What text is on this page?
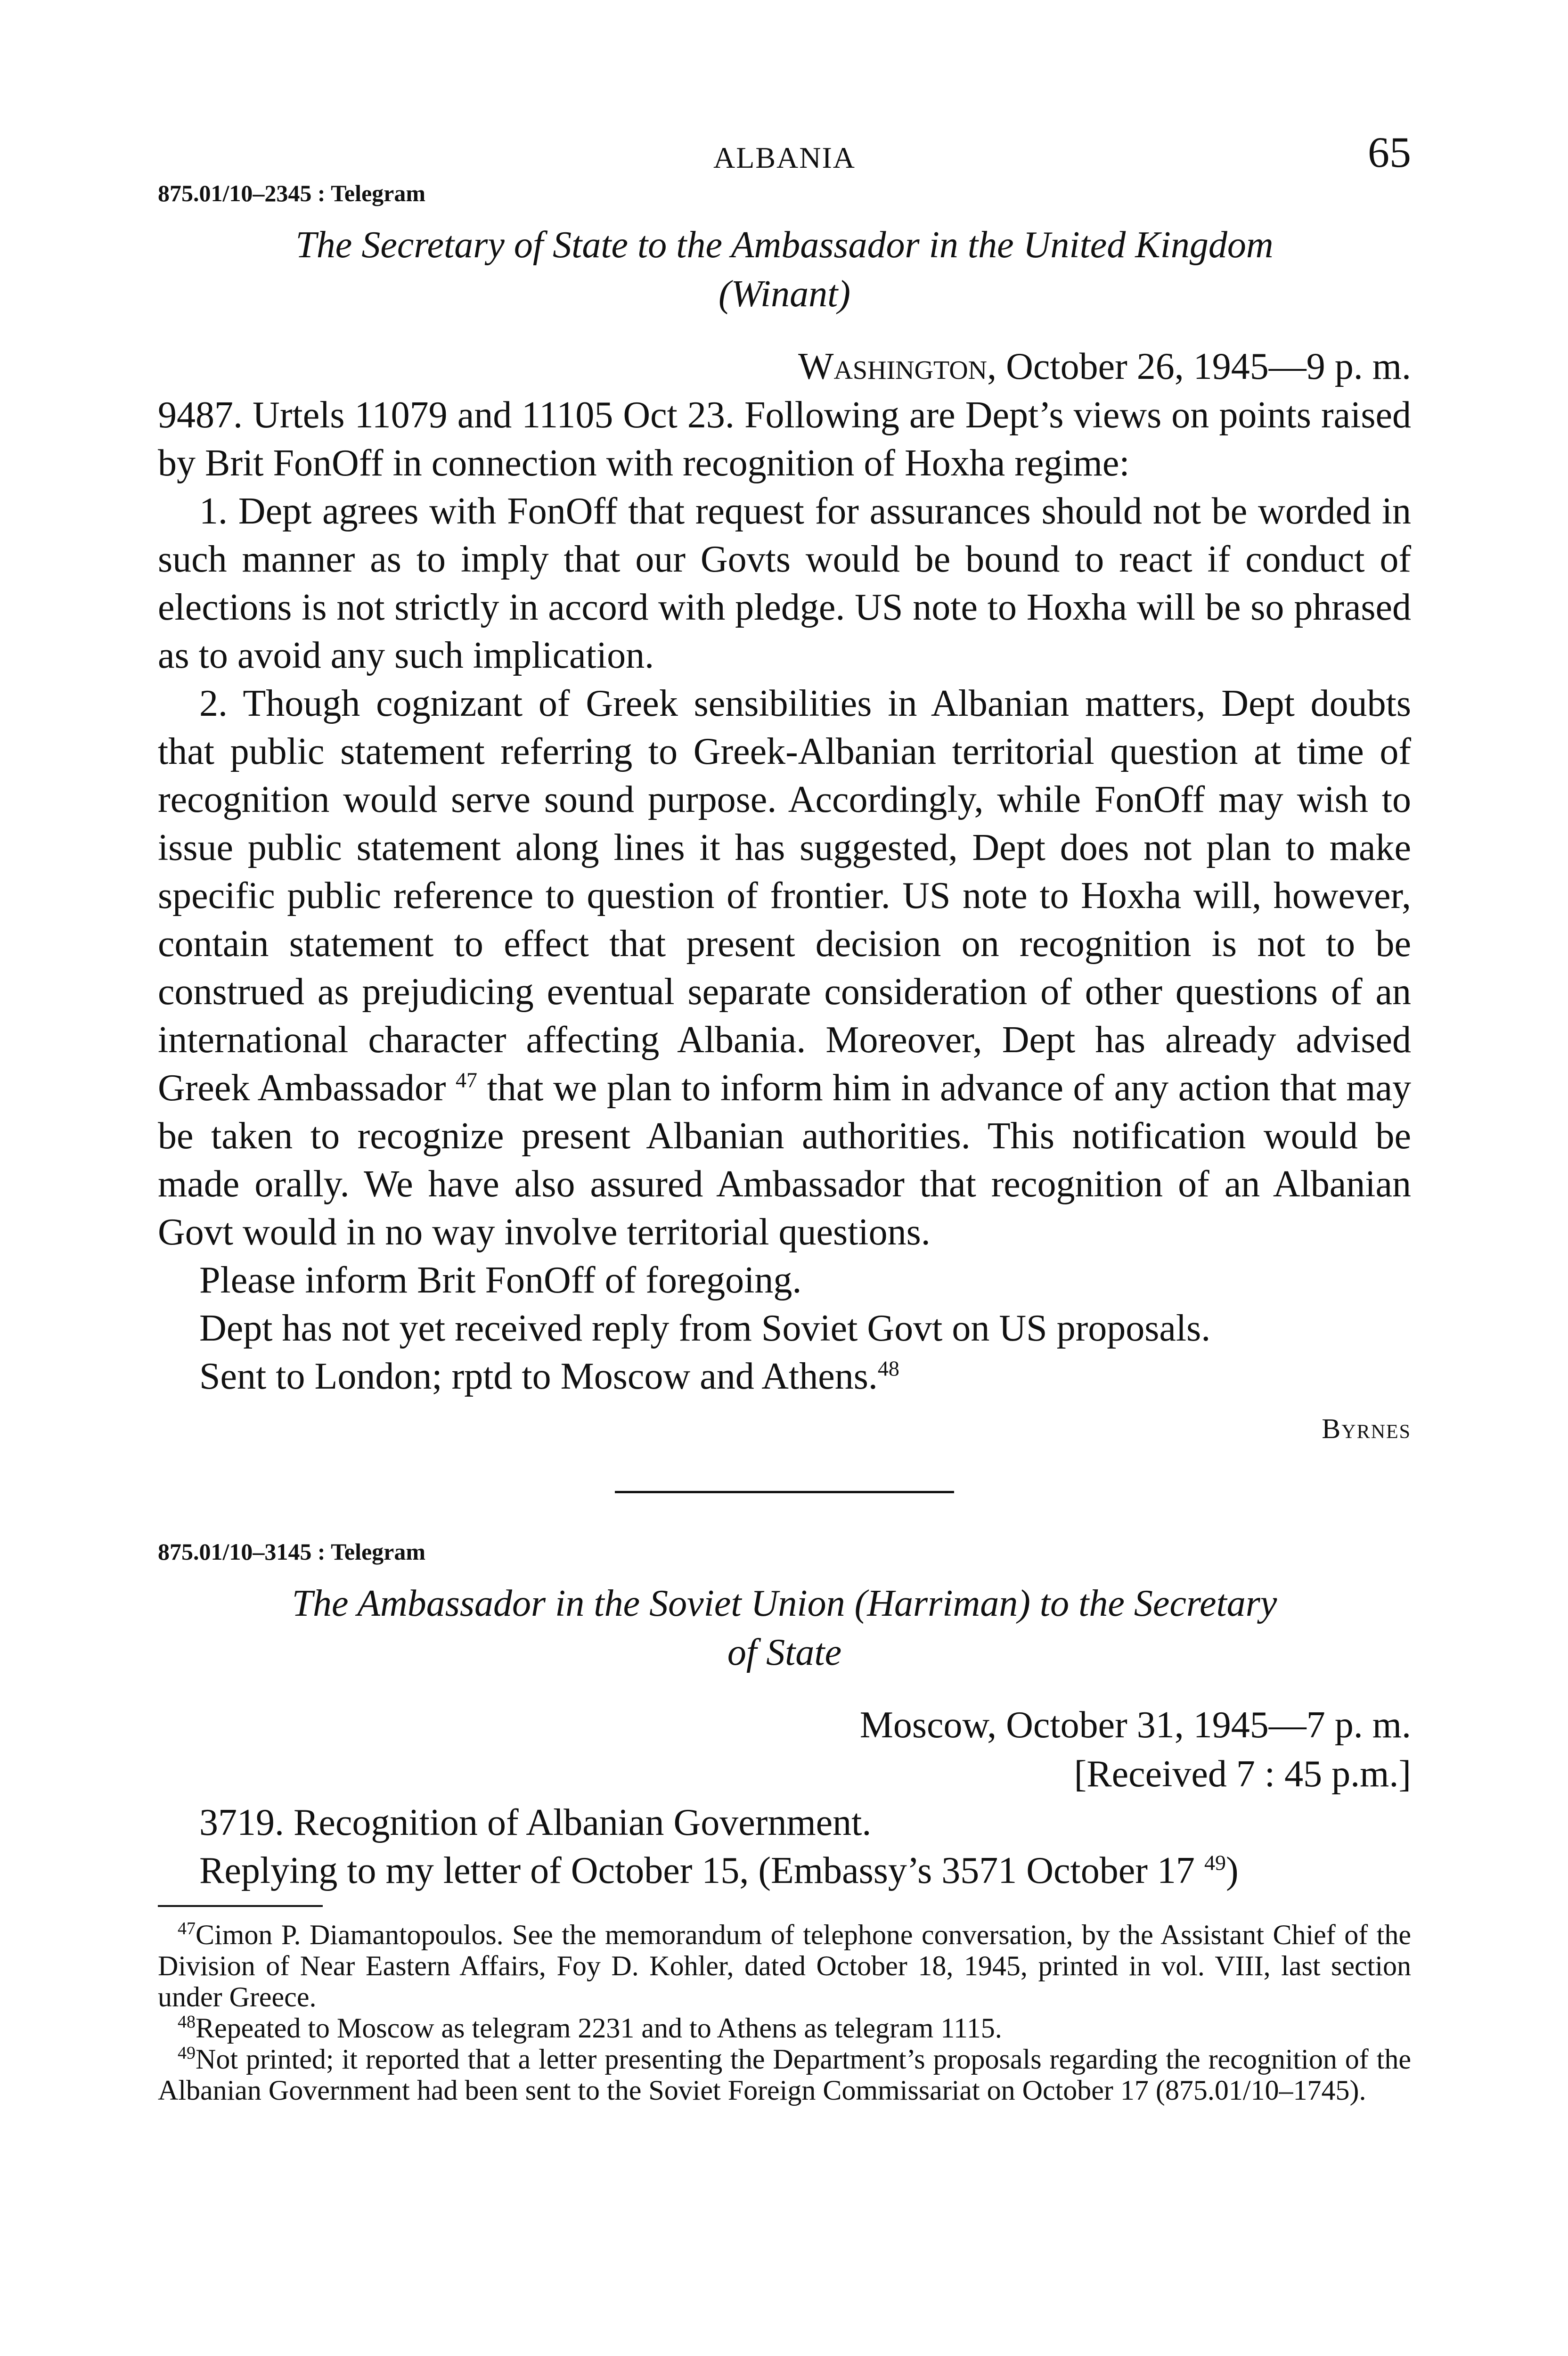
ALBANIA	65

875.01/10–2345 : Telegram

The Secretary of State to the Ambassador in the United Kingdom
(Winant)

Washington, October 26, 1945—9 p. m.

9487. Urtels 11079 and 11105 Oct 23. Following are Dept’s views on points raised by Brit FonOff in connection with recognition of Hoxha regime:

1. Dept agrees with FonOff that request for assurances should not be worded in such manner as to imply that our Govts would be bound to react if conduct of elections is not strictly in accord with pledge. US note to Hoxha will be so phrased as to avoid any such implication.

2. Though cognizant of Greek sensibilities in Albanian matters, Dept doubts that public statement referring to Greek-Albanian territorial question at time of recognition would serve sound purpose. Accordingly, while FonOff may wish to issue public statement along lines it has suggested, Dept does not plan to make specific public reference to question of frontier. US note to Hoxha will, however, contain statement to effect that present decision on recognition is not to be construed as prejudicing eventual separate consideration of other questions of an international character affecting Albania. Moreover, Dept has already advised Greek Ambassador $^{47}$ that we plan to inform him in advance of any action that may be taken to recognize present Albanian authorities. This notification would be made orally. We have also assured Ambassador that recognition of an Albanian Govt would in no way involve territorial questions.

Please inform Brit FonOff of foregoing.

Dept has not yet received reply from Soviet Govt on US proposals.

Sent to London; rptd to Moscow and Athens.$^{48}$

Byrnes

875.01/10–3145 : Telegram

The Ambassador in the Soviet Union (Harriman) to the Secretary
of State

Moscow, October 31, 1945—7 p. m.

[Received 7 : 45 p.m.]

3719. Recognition of Albanian Government.

Replying to my letter of October 15, (Embassy’s 3571 October 17 $^{49}$)

$^{47}$Cimon P. Diamantopoulos. See the memorandum of telephone conversation, by the Assistant Chief of the Division of Near Eastern Affairs, Foy D. Kohler, dated October 18, 1945, printed in vol. VIII, last section under Greece.

$^{48}$Repeated to Moscow as telegram 2231 and to Athens as telegram 1115.

$^{49}$Not printed; it reported that a letter presenting the Department’s proposals regarding the recognition of the Albanian Government had been sent to the Soviet Foreign Commissariat on October 17 (875.01/10–1745).
